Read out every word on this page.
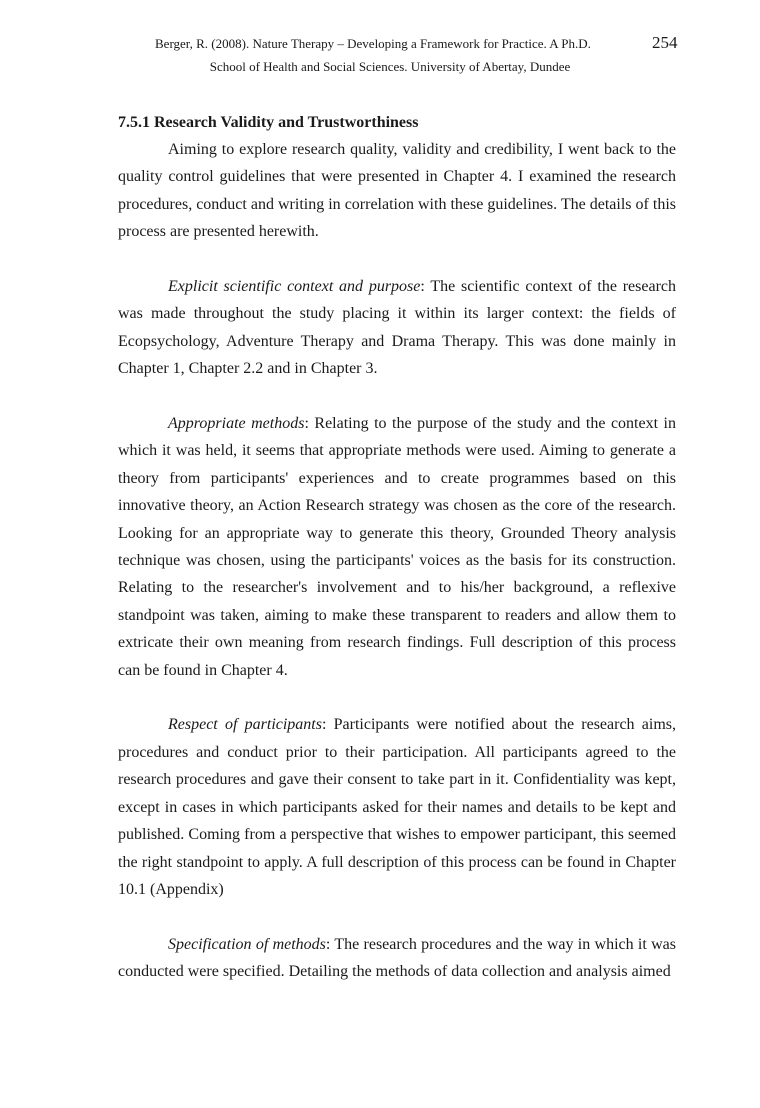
Berger, R. (2008). Nature Therapy – Developing a Framework for Practice. A Ph.D.	254
School of Health and Social Sciences. University of Abertay, Dundee
7.5.1 Research Validity and Trustworthiness

Aiming to explore research quality, validity and credibility, I went back to the quality control guidelines that were presented in Chapter 4. I examined the research procedures, conduct and writing in correlation with these guidelines. The details of this process are presented herewith.

Explicit scientific context and purpose: The scientific context of the research was made throughout the study placing it within its larger context: the fields of Ecopsychology, Adventure Therapy and Drama Therapy. This was done mainly in Chapter 1, Chapter 2.2 and in Chapter 3.

Appropriate methods: Relating to the purpose of the study and the context in which it was held, it seems that appropriate methods were used. Aiming to generate a theory from participants' experiences and to create programmes based on this innovative theory, an Action Research strategy was chosen as the core of the research. Looking for an appropriate way to generate this theory, Grounded Theory analysis technique was chosen, using the participants' voices as the basis for its construction. Relating to the researcher's involvement and to his/her background, a reflexive standpoint was taken, aiming to make these transparent to readers and allow them to extricate their own meaning from research findings. Full description of this process can be found in Chapter 4.

Respect of participants: Participants were notified about the research aims, procedures and conduct prior to their participation. All participants agreed to the research procedures and gave their consent to take part in it. Confidentiality was kept, except in cases in which participants asked for their names and details to be kept and published. Coming from a perspective that wishes to empower participant, this seemed the right standpoint to apply. A full description of this process can be found in Chapter 10.1 (Appendix)

Specification of methods: The research procedures and the way in which it was conducted were specified. Detailing the methods of data collection and analysis aimed
